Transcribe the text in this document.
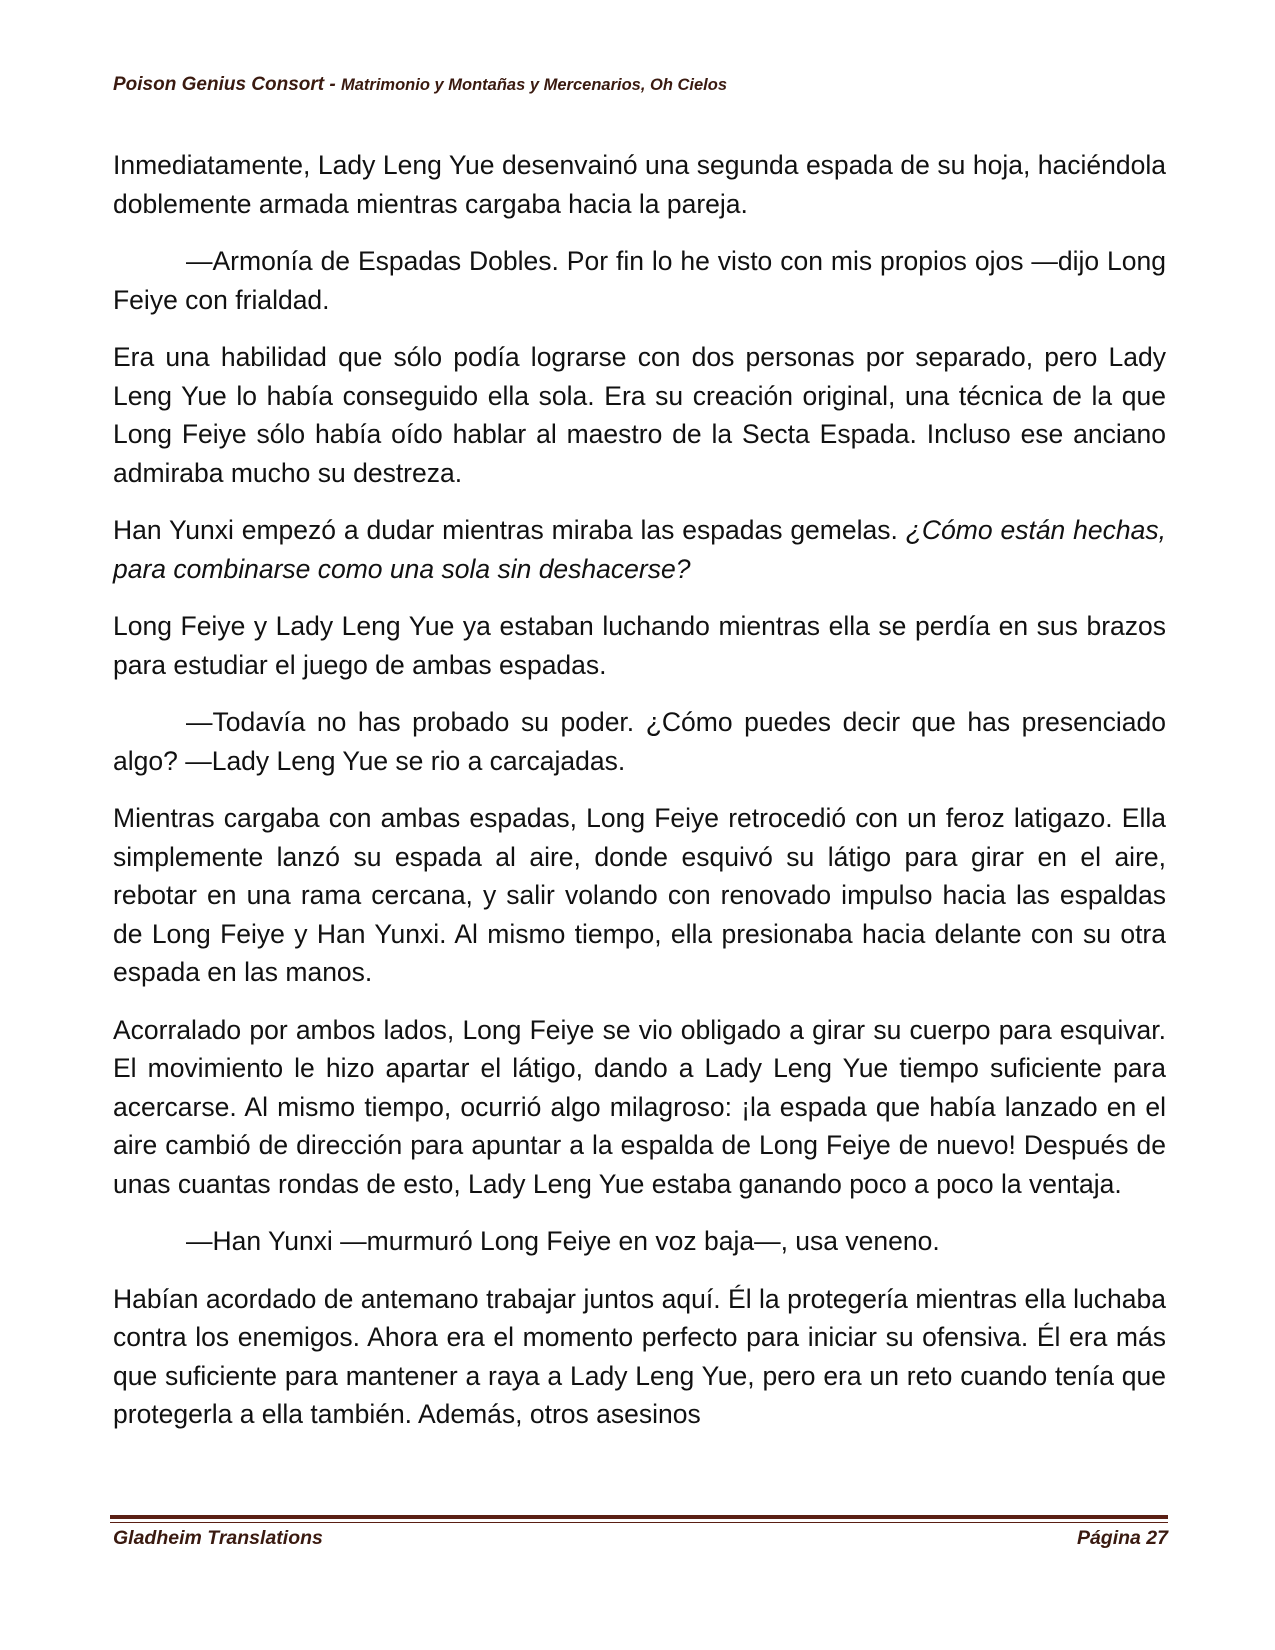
Poison Genius Consort - Matrimonio y Montañas y Mercenarios, Oh Cielos

Inmediatamente, Lady Leng Yue desenvainó una segunda espada de su hoja, haciéndola doblemente armada mientras cargaba hacia la pareja.

—Armonía de Espadas Dobles. Por fin lo he visto con mis propios ojos —dijo Long Feiye con frialdad.

Era una habilidad que sólo podía lograrse con dos personas por separado, pero Lady Leng Yue lo había conseguido ella sola. Era su creación original, una técnica de la que Long Feiye sólo había oído hablar al maestro de la Secta Espada. Incluso ese anciano admiraba mucho su destreza.

Han Yunxi empezó a dudar mientras miraba las espadas gemelas. ¿Cómo están hechas, para combinarse como una sola sin deshacerse?

Long Feiye y Lady Leng Yue ya estaban luchando mientras ella se perdía en sus brazos para estudiar el juego de ambas espadas.

—Todavía no has probado su poder. ¿Cómo puedes decir que has presenciado algo? —Lady Leng Yue se rio a carcajadas.

Mientras cargaba con ambas espadas, Long Feiye retrocedió con un feroz latigazo. Ella simplemente lanzó su espada al aire, donde esquivó su látigo para girar en el aire, rebotar en una rama cercana, y salir volando con renovado impulso hacia las espaldas de Long Feiye y Han Yunxi. Al mismo tiempo, ella presionaba hacia delante con su otra espada en las manos.

Acorralado por ambos lados, Long Feiye se vio obligado a girar su cuerpo para esquivar. El movimiento le hizo apartar el látigo, dando a Lady Leng Yue tiempo suficiente para acercarse. Al mismo tiempo, ocurrió algo milagroso: ¡la espada que había lanzado en el aire cambió de dirección para apuntar a la espalda de Long Feiye de nuevo! Después de unas cuantas rondas de esto, Lady Leng Yue estaba ganando poco a poco la ventaja.

—Han Yunxi —murmuró Long Feiye en voz baja—, usa veneno.

Habían acordado de antemano trabajar juntos aquí. Él la protegería mientras ella luchaba contra los enemigos. Ahora era el momento perfecto para iniciar su ofensiva. Él era más que suficiente para mantener a raya a Lady Leng Yue, pero era un reto cuando tenía que protegerla a ella también. Además, otros asesinos

Gladheim Translations	Página 27
